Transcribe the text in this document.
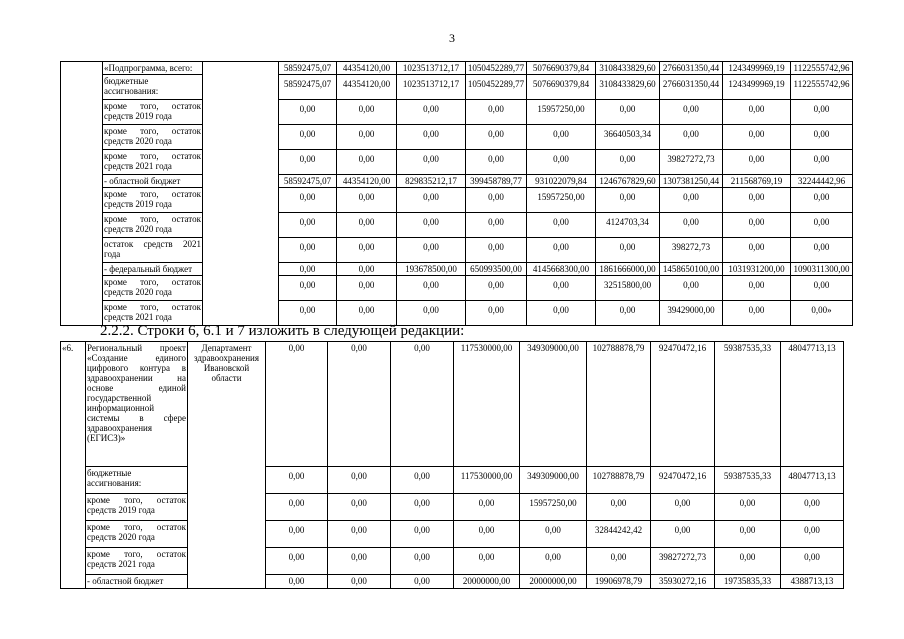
3
	«Подпрограмма, всего:		58592475,07	44354120,00	1023513712,17	1050452289,77	5076690379,84	3108433829,60	2766031350,44	1243499969,19	1122555742,96
	бюджетные ассигнования:		58592475,07	44354120,00	1023513712,17	1050452289,77	5076690379,84	3108433829,60	2766031350,44	1243499969,19	1122555742,96
	кроме того, остаток средств 2019 года		0,00	0,00	0,00	0,00	15957250,00	0,00	0,00	0,00	0,00
	кроме того, остаток средств 2020 года		0,00	0,00	0,00	0,00	0,00	36640503,34	0,00	0,00	0,00
	кроме того, остаток средств 2021 года		0,00	0,00	0,00	0,00	0,00	0,00	39827272,73	0,00	0,00
	- областной бюджет		58592475,07	44354120,00	829835212,17	399458789,77	931022079,84	1246767829,60	1307381250,44	211568769,19	32244442,96
	кроме того, остаток средств 2019 года		0,00	0,00	0,00	0,00	15957250,00	0,00	0,00	0,00	0,00
	кроме того, остаток средств 2020 года		0,00	0,00	0,00	0,00	0,00	4124703,34	0,00	0,00	0,00
	остаток средств 2021 года		0,00	0,00	0,00	0,00	0,00	0,00	398272,73	0,00	0,00
	- федеральный бюджет		0,00	0,00	193678500,00	650993500,00	4145668300,00	1861666000,00	1458650100,00	1031931200,00	1090311300,00
	кроме того, остаток средств 2020 года		0,00	0,00	0,00	0,00	0,00	32515800,00	0,00	0,00	0,00
	кроме того, остаток средств 2021 года		0,00	0,00	0,00	0,00	0,00	0,00	39429000,00	0,00	0,00»
2.2.2. Строки 6, 6.1 и 7 изложить в следующей редакции:
«6.	Региональный проект «Создание единого цифрового контура в здравоохранении на основе единой государственной информационной системы в сфере здравоохранения (ЕГИСЗ)»	Департамент здравоохранения Ивановской области	0,00	0,00	0,00	117530000,00	349309000,00	102788878,79	92470472,16	59387535,33	48047713,13
	бюджетные ассигнования:		0,00	0,00	0,00	117530000,00	349309000,00	102788878,79	92470472,16	59387535,33	48047713,13
	кроме того, остаток средств 2019 года		0,00	0,00	0,00	0,00	15957250,00	0,00	0,00	0,00	0,00
	кроме того, остаток средств 2020 года		0,00	0,00	0,00	0,00	0,00	32844242,42	0,00	0,00	0,00
	кроме того, остаток средств 2021 года		0,00	0,00	0,00	0,00	0,00	0,00	39827272,73	0,00	0,00
	- областной бюджет		0,00	0,00	0,00	20000000,00	20000000,00	19906978,79	35930272,16	19735835,33	4388713,13
